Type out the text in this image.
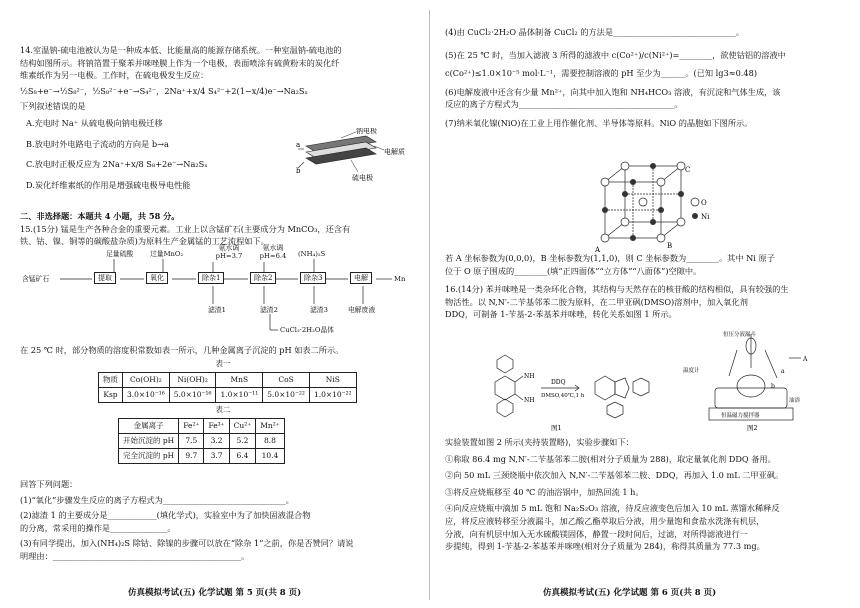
14.室温钠-硫电池被认为是一种成本低、比能量高的能源存储系统。一种室温钠-硫电池的
结构如图所示。将钠箔置于聚苯并咪唑膜上作为一个电极，表面喷涂有硫黄粉末的炭化纤
维素纸作为另一电极。工作时，在硫电极发生反应：
½S₈+e⁻→½S₈²⁻，½S₈²⁻+e⁻→S₄²⁻，2Na⁺+x/4 S₄²⁻+2(1−x/4)e⁻→Na₂Sₓ
下列叙述错误的是
A.充电时 Na⁺ 从硫电极向钠电极迁移
B.放电时外电路电子流动的方向是 b→a
C.放电时正极反应为 2Na⁺+x/8 S₈+2e⁻→Na₂Sₓ
D.炭化纤维素纸的作用是增强硫电极导电性能
a
b
钠电极
电解质
硫电极
二、非选择题：本题共 4 小题，共 58 分。
15.(15分) 锰是生产各种合金的重要元素。工业上以含锰矿石(主要成分为 MnCO₃，还含有
铁、钴、镍、铜等的碳酸盐杂质)为原料生产金属锰的工艺流程如下。
足量硫酸 过量MnO₂
氨水调 pH=3.7
氨水调 pH=6.4 (NH₄)₂S
含锰矿石	提取	氧化	除杂1	除杂2	除杂3	电解	Mn
滤渣1	滤渣2	滤渣3	电解废液
CuCl₂·2H₂O晶体
在 25 ℃ 时，部分物质的溶度积常数如表一所示，几种金属离子沉淀的 pH 如表二所示。
表一
物质	Co(OH)₂	Ni(OH)₂	MnS	CoS	NiS
Ksp	3.0×10⁻¹⁶	5.0×10⁻¹⁶	1.0×10⁻¹¹	5.0×10⁻²²	1.0×10⁻²²
表二
金属离子	Fe²⁺	Fe³⁺	Cu²⁺	Mn²⁺
开始沉淀的 pH	7.5	3.2	5.2	8.8
完全沉淀的 pH	9.7	3.7	6.4	10.4
回答下列问题：
(1)“氧化”步骤发生反应的离子方程式为______________________________。
(2)滤渣 1 的主要成分是____________(填化学式)，实验室中为了加快固液混合物
的分离，常采用的操作是______________。
(3)有同学提出，加入(NH₄)₂S 除钴、除镍的步骤可以放在“除杂 1”之前，你是否赞同？请说
明理由：______________________________________________。
仿真模拟考试(五) 化学试题 第 5 页(共 8 页)
(4)由 CuCl₂·2H₂O 晶体制备 CuCl₂ 的方法是______________________________。
(5)在 25 ℃ 时，当加入滤液 3 所得的滤液中 c(Co²⁺)/c(Ni²⁺)=________，欲使钴铝的溶液中
c(Co²⁺)≤1.0×10⁻⁵ mol·L⁻¹，需要控制溶液的 pH 至少为______。(已知 lg3≈0.48)
(6)电解废液中还含有少量 Mn²⁺，向其中加入饱和 NH₄HCO₃ 溶液，有沉淀和气体生成，该
反应的离子方程式为______________________________________。
(7)纳米氧化镍(NiO)在工业上用作催化剂、半导体等原料。NiO 的晶胞如下图所示。
O
Ni
A	B
C
若 A 坐标参数为(0,0,0)，B 坐标参数为(1,1,0)，则 C 坐标参数为________。其中 Ni 原子
位于 O 原子围成的________(填“正四面体”“立方体”“八面体”)空隙中。
16.(14分) 苯并咪唑是一类杂环化合物，其结构与天然存在的核苷酸的结构相似，具有较强的生
物活性。以 N,N′-二苄基邻苯二胺为原料，在二甲亚砜(DMSO)溶剂中，加入氧化剂
DDQ，可制备 1-苄基-2-苯基苯并咪唑，转化关系如图 1 所示。
NH
NH
DDQ
DMSO,40℃,1 h
图1
恒压分液漏斗
温度计
油浴
恒温磁力搅拌器
a
b
A
图2
实验装置如图 2 所示(夹持装置略)，实验步骤如下：
①称取 86.4 mg N,N′-二苄基邻苯二胺(相对分子质量为 288)，取定量氧化剂 DDQ 备用。
②向 50 mL 三颈烧瓶中依次加入 N,N′-二苄基邻苯二胺、DDQ，再加入 1.0 mL 二甲亚砜。
③将反应烧瓶移至 40 ℃ 的油浴锅中，加热回流 1 h。
④向反应烧瓶中滴加 5 mL 饱和 Na₂S₂O₃ 溶液，待反应液变色后加入 10 mL 蒸馏水稀释反
应，将反应液转移至分液漏斗，加乙酸乙酯萃取后分液，用少量饱和食盐水洗涤有机层，
分液，向有机层中加入无水硫酸镁固体，静置一段时间后，过滤，对所得滤液进行一
步提纯，得到 1-苄基-2-苯基苯并咪唑(相对分子质量为 284)，称得其质量为 77.3 mg。
仿真模拟考试(五) 化学试题 第 6 页(共 8 页)
